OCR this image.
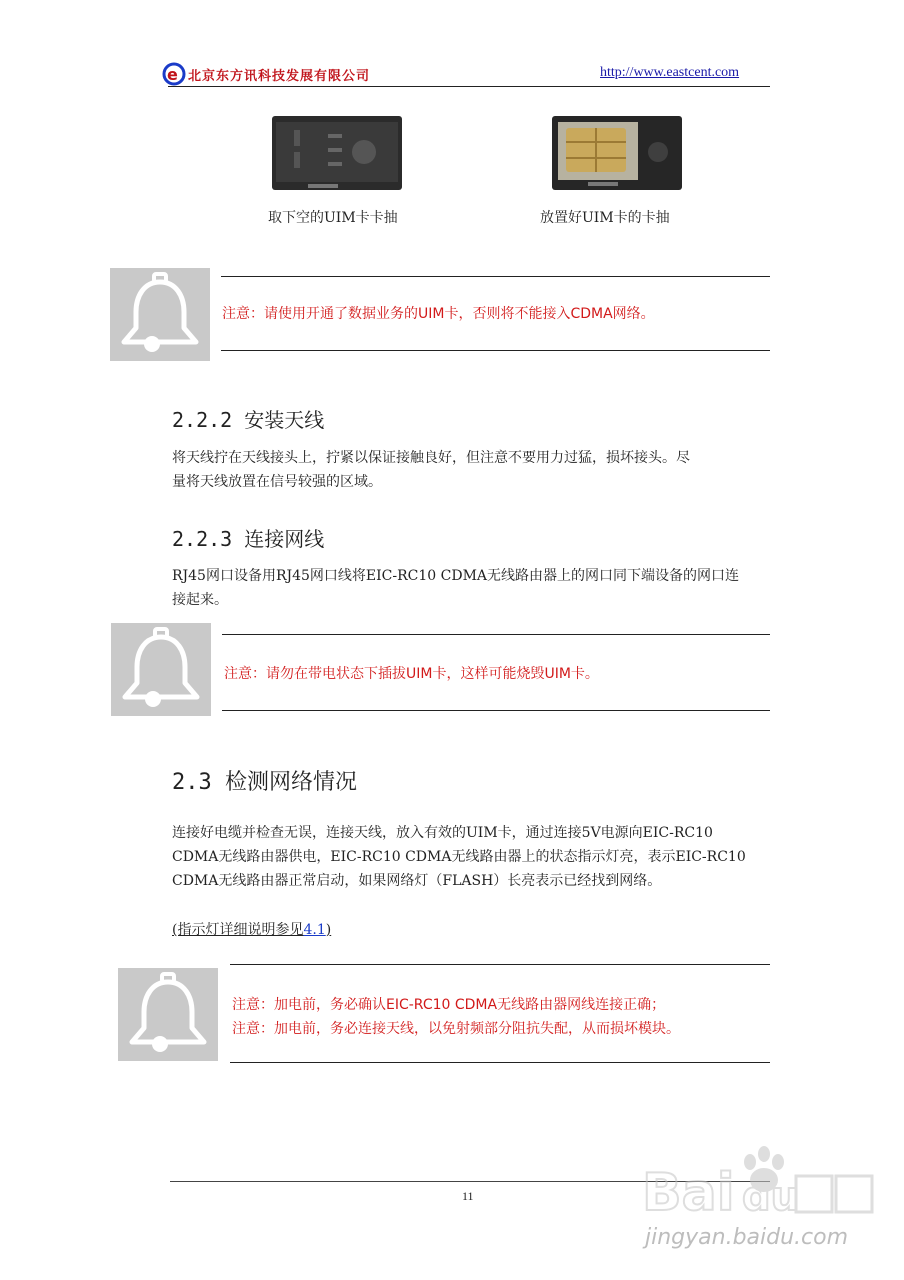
e 北京东方讯科技发展有限公司	http://www.eastcent.com
取下空的UIM卡卡抽	放置好UIM卡的卡抽
注意：请使用开通了数据业务的UIM卡，否则将不能接入CDMA网络。
2.2.2 安装天线
将天线拧在天线接头上，拧紧以保证接触良好，但注意不要用力过猛，损坏接头。尽
量将天线放置在信号较强的区域。
2.2.3 连接网线
RJ45网口设备用RJ45网口线将EIC-RC10 CDMA无线路由器上的网口同下端设备的网口连
接起来。
注意：请勿在带电状态下插拔UIM卡，这样可能烧毁UIM卡。
2.3 检测网络情况
连接好电缆并检查无误，连接天线，放入有效的UIM卡，通过连接5V电源向EIC-RC10
CDMA无线路由器供电，EIC-RC10 CDMA无线路由器上的状态指示灯亮，表示EIC-RC10
CDMA无线路由器正常启动，如果网络灯（FLASH）长亮表示已经找到网络。
(指示灯详细说明参见4.1)
注意：加电前，务必确认EIC-RC10 CDMA无线路由器网线连接正确；
注意：加电前，务必连接天线，以免射频部分阻抗失配，从而损坏模块。
11	Bai du
jingyan.baidu.com
